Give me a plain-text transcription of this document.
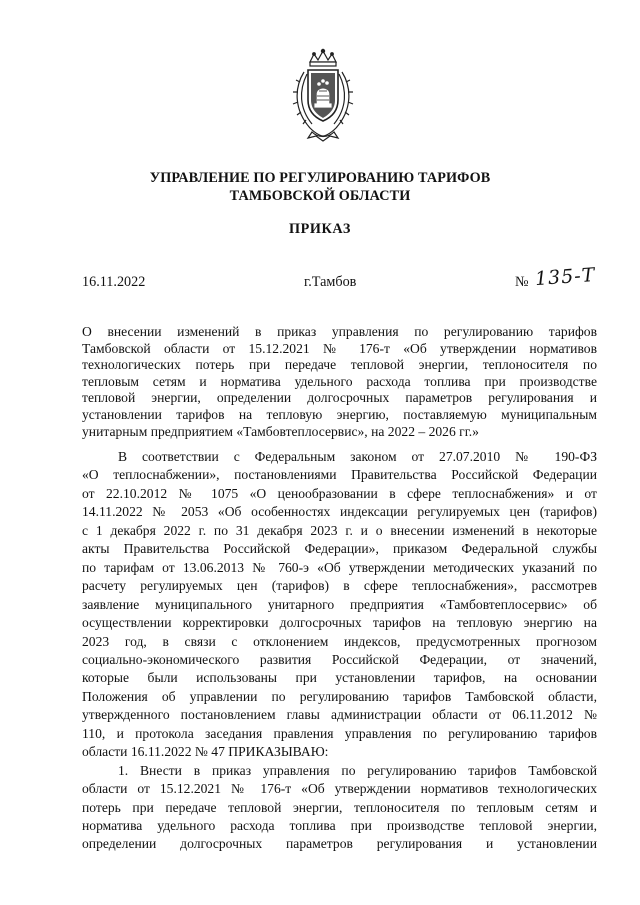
УПРАВЛЕНИЕ ПО РЕГУЛИРОВАНИЮ ТАРИФОВ
ТАМБОВСКОЙ ОБЛАСТИ
ПРИКАЗ
16.11.2022	г.Тамбов	№ 135-Т
О внесении изменений в приказ управления по регулированию тарифов
Тамбовской области от 15.12.2021 № 176-т «Об утверждении нормативов
технологических потерь при передаче тепловой энергии, теплоносителя по
тепловым сетям и норматива удельного расхода топлива при производстве
тепловой энергии, определении долгосрочных параметров регулирования и
установлении тарифов на тепловую энергию, поставляемую муниципальным
унитарным предприятием «Тамбовтеплосервис», на 2022 – 2026 гг.»
В соответствии с Федеральным законом от 27.07.2010 № 190-ФЗ
«О теплоснабжении», постановлениями Правительства Российской Федерации
от 22.10.2012 № 1075 «О ценообразовании в сфере теплоснабжения» и от
14.11.2022 № 2053 «Об особенностях индексации регулируемых цен (тарифов)
с 1 декабря 2022 г. по 31 декабря 2023 г. и о внесении изменений в некоторые
акты Правительства Российской Федерации», приказом Федеральной службы
по тарифам от 13.06.2013 № 760-э «Об утверждении методических указаний по
расчету регулируемых цен (тарифов) в сфере теплоснабжения», рассмотрев
заявление муниципального унитарного предприятия «Тамбовтеплосервис» об
осуществлении корректировки долгосрочных тарифов на тепловую энергию на
2023 год, в связи с отклонением индексов, предусмотренных прогнозом
социально-экономического развития Российской Федерации, от значений,
которые были использованы при установлении тарифов, на основании
Положения об управлении по регулированию тарифов Тамбовской области,
утвержденного постановлением главы администрации области от 06.11.2012 №
110, и протокола заседания правления управления по регулированию тарифов
области 16.11.2022 № 47 ПРИКАЗЫВАЮ:
1. Внести в приказ управления по регулированию тарифов Тамбовской
области от 15.12.2021 № 176-т «Об утверждении нормативов технологических
потерь при передаче тепловой энергии, теплоносителя по тепловым сетям и
норматива удельного расхода топлива при производстве тепловой энергии,
определении долгосрочных параметров регулирования и установлении
